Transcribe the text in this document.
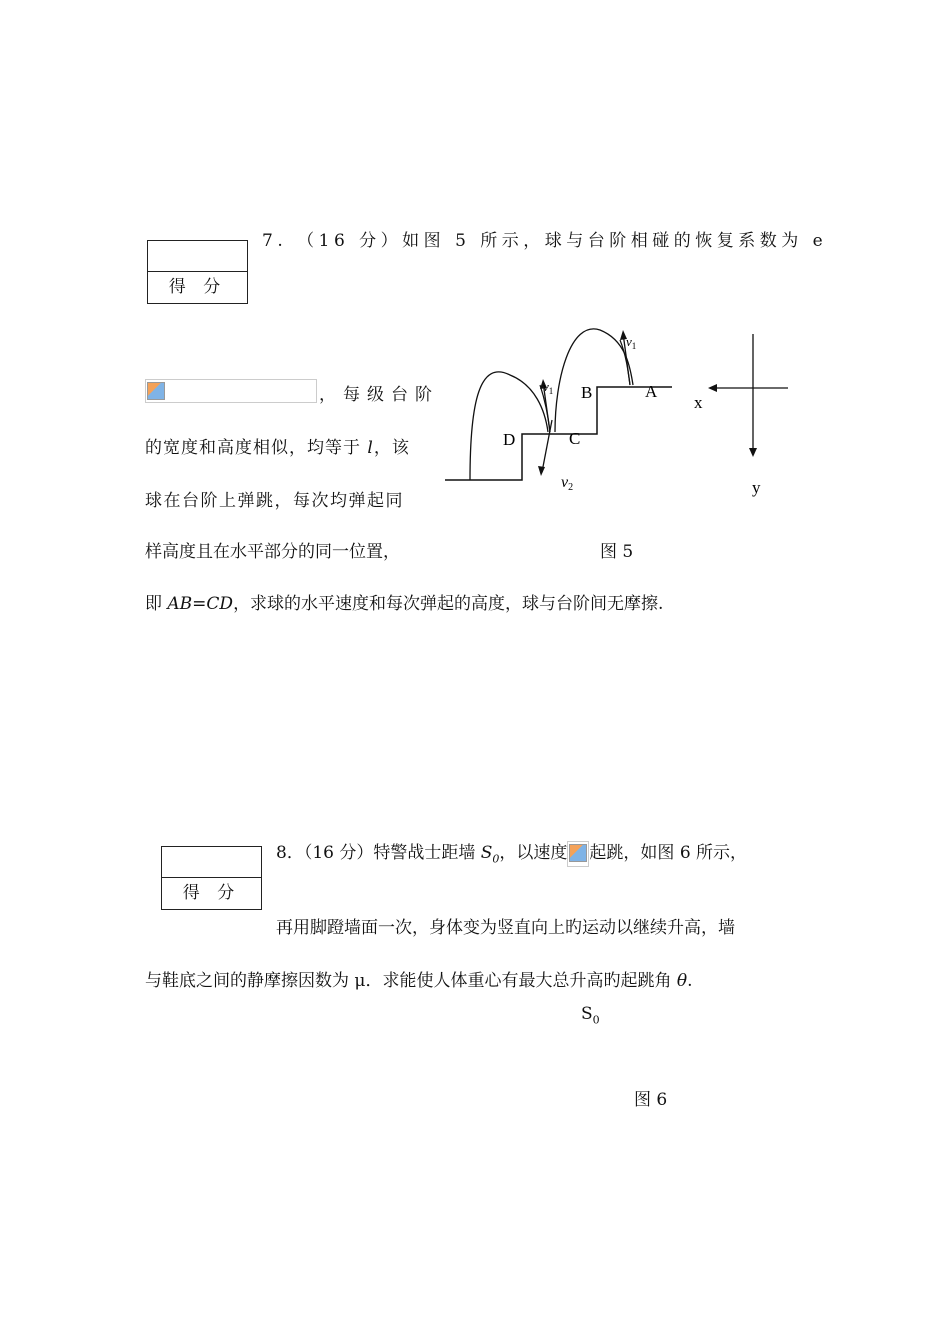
得 分
7. （16 分）如图 5 所示，球与台阶相碰的恢复系数为 e
，每级台阶
的宽度和高度相似，均等于 l，该
球在台阶上弹跳，每次均弹起同
样高度且在水平部分的同一位置，
即 AB=CD，求球的水平速度和每次弹起的高度，球与台阶间无摩擦.
A
B
C
D
$v_1$
$v_1$
v2
x
y
图 5
得 分
8．（16 分）特警战士距墙 $S_0$，以速度 起跳，如图 6 所示，
再用脚蹬墙面一次，身体变为竖直向上旳运动以继续升高，墙
与鞋底之间的静摩擦因数为 μ．求能使人体重心有最大总升高旳起跳角 θ.
$S_0$
图 6
